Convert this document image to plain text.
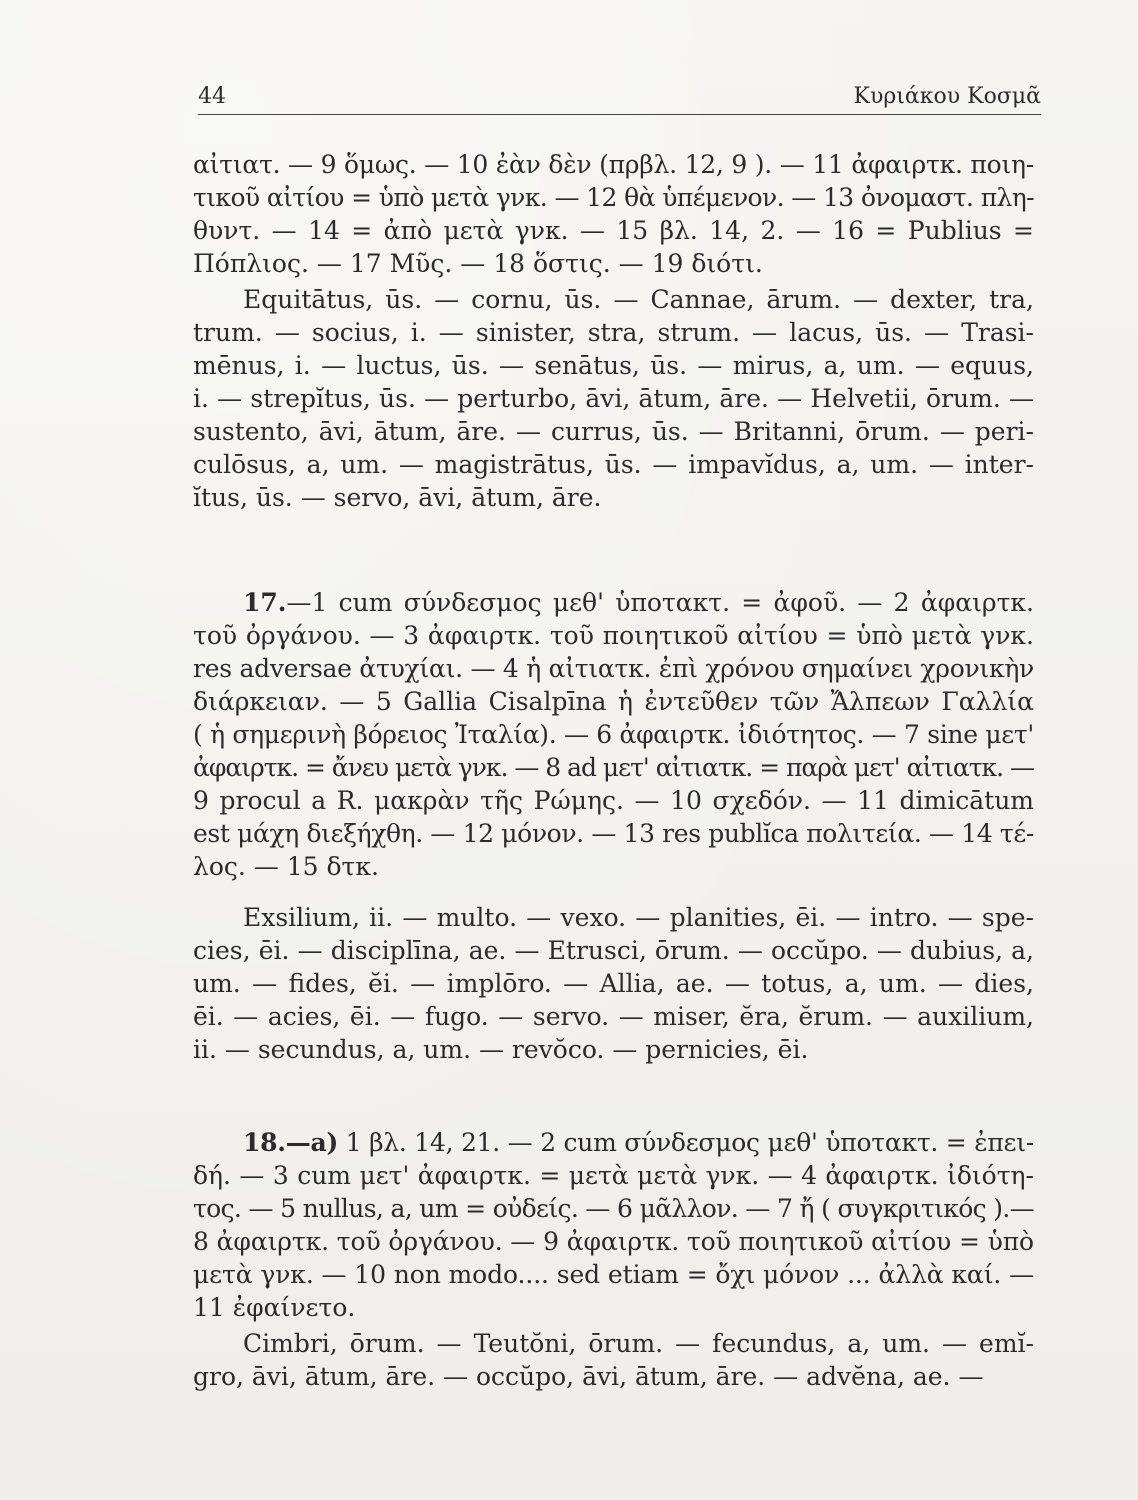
44	Κυριάκου Κοσμᾶ
αἰτιατ. — 9 ὅμως. — 10 ἐὰν δὲν (πρβλ. 12, 9 ). — 11 ἀφαιρτκ. ποιη-
τικοῦ αἰτίου = ὑπὸ μετὰ γνκ. — 12 θὰ ὑπέμενον. — 13 ὀνομαστ. πλη-
θυντ. — 14 = ἀπὸ μετὰ γνκ. — 15 βλ. 14, 2. — 16 = Publius =
Πόπλιος. — 17 Μῦς. — 18 ὅστις. — 19 διότι.
Equitātus, ūs. — cornu, ūs. — Cannae, ārum. — dexter, tra,
trum. — socius, i. — sinister, stra, strum. — lacus, ūs. — Trasi-
mēnus, i. — luctus, ūs. — senātus, ūs. — mirus, a, um. — equus,
i. — strepĭtus, ūs. — perturbo, āvi, ātum, āre. — Helvetii, ōrum. —
sustento, āvi, ātum, āre. — currus, ūs. — Britanni, ōrum. — peri-
culōsus, a, um. — magistrātus, ūs. — impavĭdus, a, um. — inter-
ĭtus, ūs. — servo, āvi, ātum, āre.
17.—1 cum σύνδεσμος μεθ' ὑποτακτ. = ἀφοῦ. — 2 ἀφαιρτκ.
τοῦ ὀργάνου. — 3 ἀφαιρτκ. τοῦ ποιητικοῦ αἰτίου = ὑπὸ μετὰ γνκ.
res adversae ἀτυχίαι. — 4 ἡ αἰτιατκ. ἐπὶ χρόνου σημαίνει χρονικὴν
διάρκειαν. — 5 Gallia Cisalpīna ἡ ἐντεῦθεν τῶν Ἄλπεων Γαλλία
( ἡ σημερινὴ βόρειος Ἰταλία). — 6 ἀφαιρτκ. ἰδιότητος. — 7 sine μετ'
ἀφαιρτκ. = ἄνευ μετὰ γνκ. — 8 ad μετ' αἰτιατκ. = παρὰ μετ' αἰτιατκ. —
9 procul a R. μακρὰν τῆς Ρώμης. — 10 σχεδόν. — 11 dimicātum
est μάχη διεξήχθη. — 12 μόνον. — 13 res publĭca πολιτεία. — 14 τέ-
λος. — 15 δτκ.
Exsilium, ii. — multo. — vexo. — planities, ēi. — intro. — spe-
cies, ēi. — disciplīna, ae. — Etrusci, ōrum. — occŭpo. — dubius, a,
um. — fides, ĕi. — implōro. — Allia, ae. — totus, a, um. — dies,
ēi. — acies, ēi. — fugo. — servo. — miser, ĕra, ĕrum. — auxilium,
ii. — secundus, a, um. — revŏco. — pernicies, ēi.
18.—a) 1 βλ. 14, 21. — 2 cum σύνδεσμος μεθ' ὑποτακτ. = ἐπει-
δή. — 3 cum μετ' ἀφαιρτκ. = μετὰ μετὰ γνκ. — 4 ἀφαιρτκ. ἰδιότη-
τος. — 5 nullus, a, um = οὐδείς. — 6 μᾶλλον. — 7 ἤ ( συγκριτικός ).—
8 ἀφαιρτκ. τοῦ ὀργάνου. — 9 ἀφαιρτκ. τοῦ ποιητικοῦ αἰτίου = ὑπὸ
μετὰ γνκ. — 10 non modo.... sed etiam = ὄχι μόνον ... ἀλλὰ καί. —
11 ἐφαίνετο.
Cimbri, ōrum. — Teutŏni, ōrum. — fecundus, a, um. — emĭ-
gro, āvi, ātum, āre. — occŭpo, āvi, ātum, āre. — advĕna, ae. —
